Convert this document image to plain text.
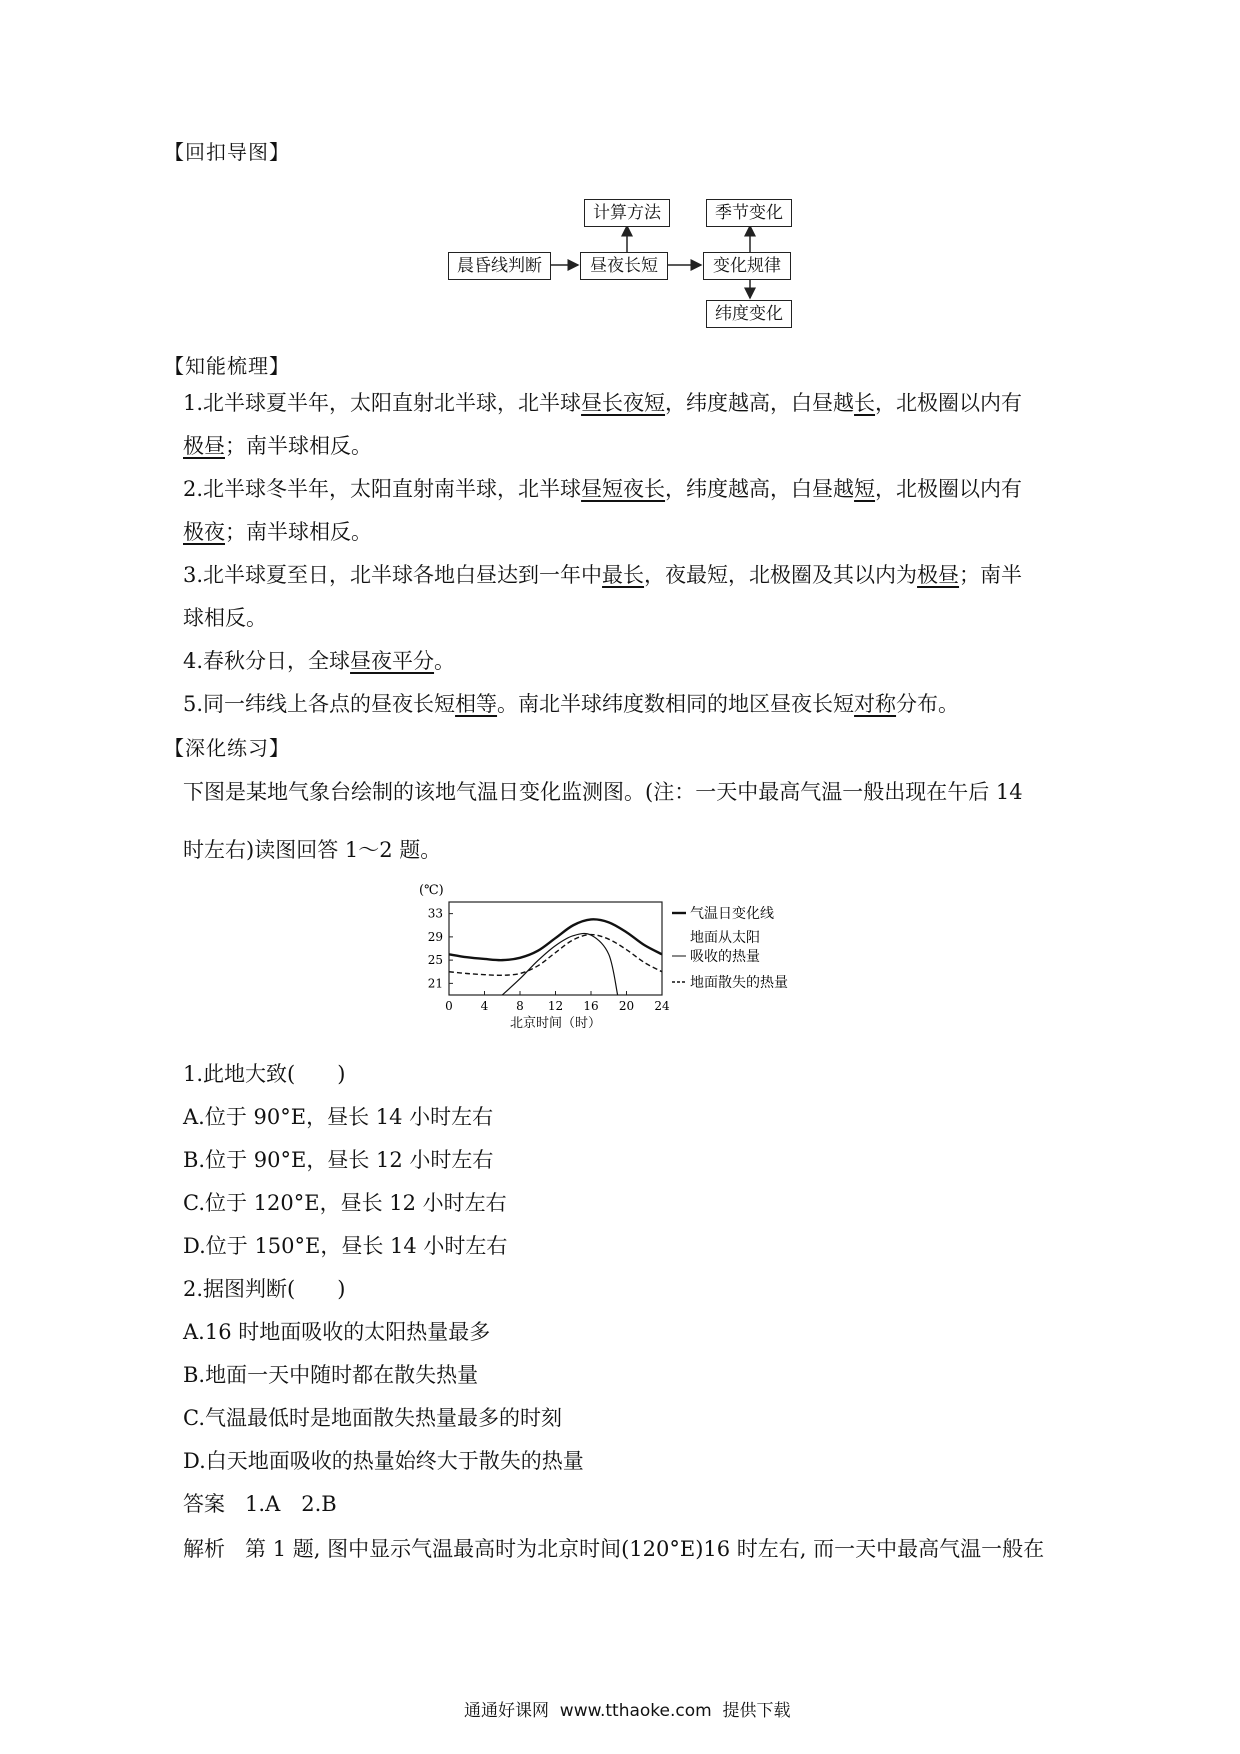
【回扣导图】
晨昏线判断	昼夜长短
计算方法
变化规律
季节变化
纬度变化
【知能梳理】
1.北半球夏半年，太阳直射北半球，北半球昼长夜短，纬度越高，白昼越长，北极圈以内有
极昼；南半球相反。
2.北半球冬半年，太阳直射南半球，北半球昼短夜长，纬度越高，白昼越短，北极圈以内有
极夜；南半球相反。
3.北半球夏至日，北半球各地白昼达到一年中最长，夜最短，北极圈及其以内为极昼；南半
球相反。
4.春秋分日，全球昼夜平分。
5.同一纬线上各点的昼夜长短相等。南北半球纬度数相同的地区昼夜长短对称分布。
【深化练习】
下图是某地气象台绘制的该地气温日变化监测图。(注：一天中最高气温一般出现在午后 14
时左右)读图回答 1～2 题。
(℃)
21
25
29
33
0 4 8 12 16 20 24
北京时间（时）
气温日变化线
地面从太阳
吸收的热量
地面散失的热量
1.此地大致(　　)
A.位于 90°E，昼长 14 小时左右
B.位于 90°E，昼长 12 小时左右
C.位于 120°E，昼长 12 小时左右
D.位于 150°E，昼长 14 小时左右
2.据图判断(　　)
A.16 时地面吸收的太阳热量最多
B.地面一天中随时都在散失热量
C.气温最低时是地面散失热量最多的时刻
D.白天地面吸收的热量始终大于散失的热量
答案 1.A　2.B
解析 第 1 题, 图中显示气温最高时为北京时间(120°E)16 时左右, 而一天中最高气温一般在
通通好课网  www.tthaoke.com  提供下载
